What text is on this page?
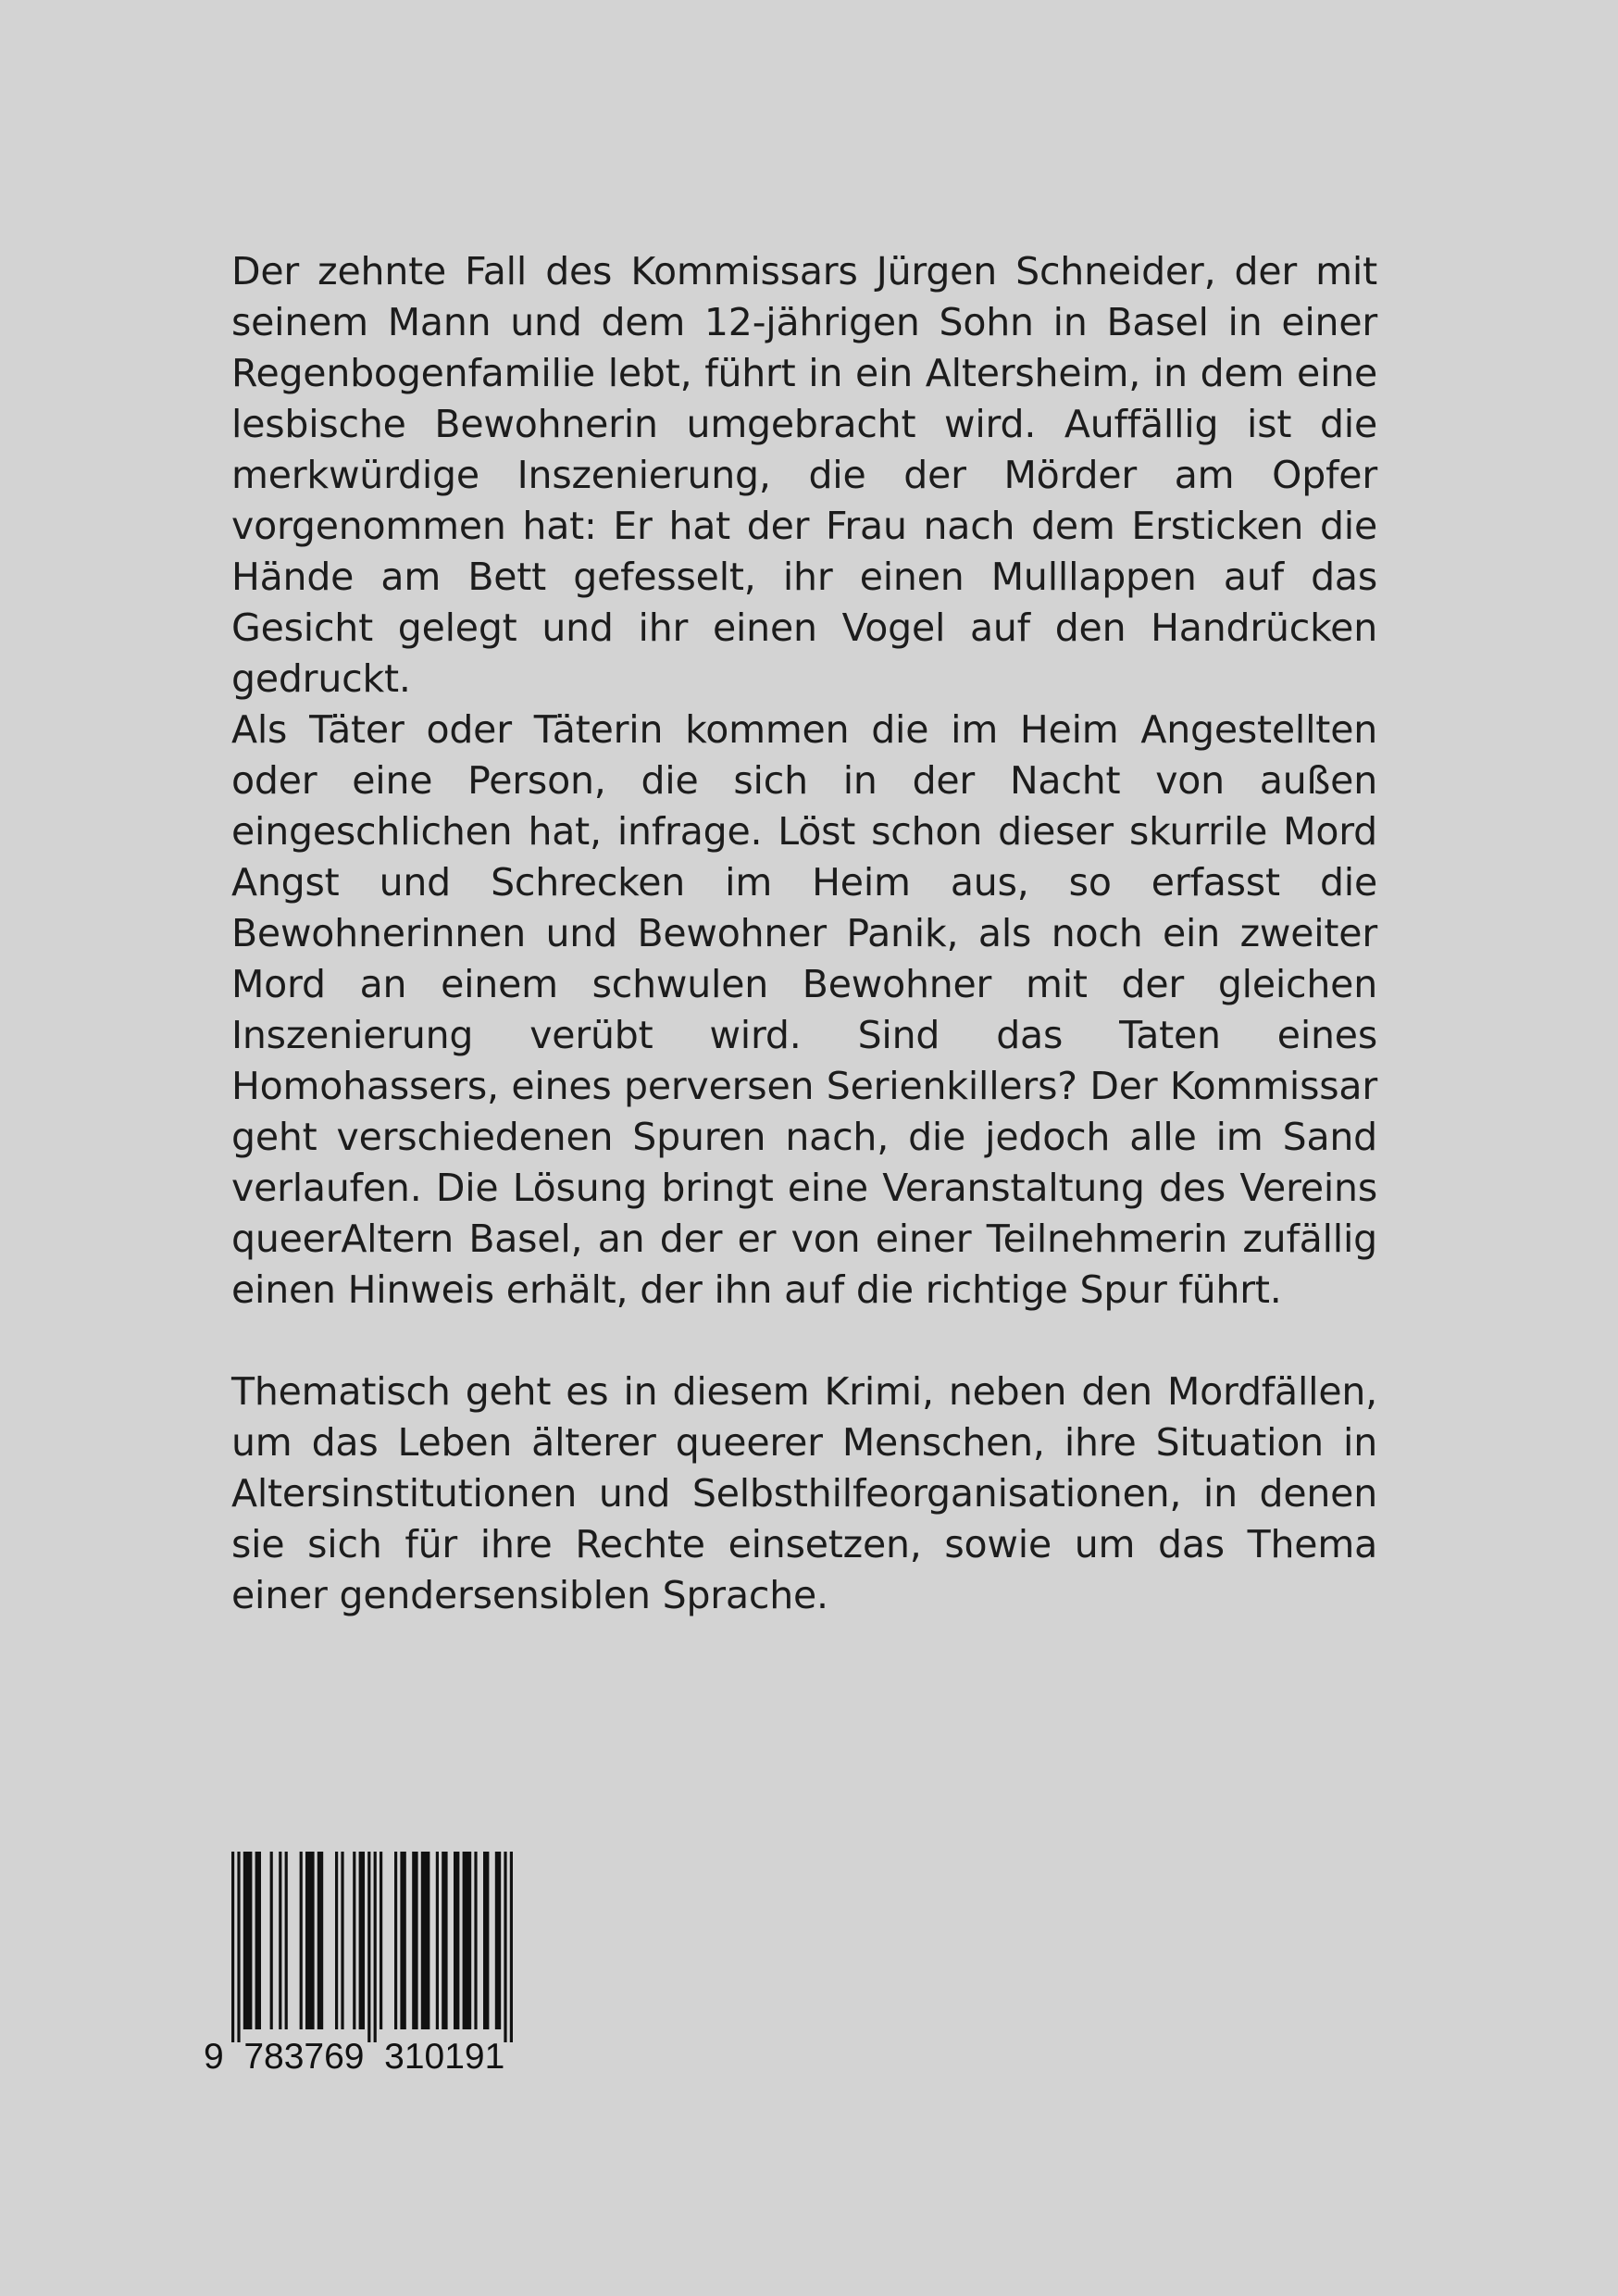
Der zehnte Fall des Kommissars Jürgen Schneider, der mit seinem Mann und dem 12-jährigen Sohn in Basel in einer Regenbogenfamilie lebt, führt in ein Altersheim, in dem eine lesbische Bewohnerin umgebracht wird. Auffällig ist die merkwürdige Inszenierung, die der Mörder am Opfer vorgenommen hat: Er hat der Frau nach dem Ersticken die Hände am Bett gefesselt, ihr einen Mulllappen auf das Gesicht gelegt und ihr einen Vogel auf den Handrücken gedruckt.

Als Täter oder Täterin kommen die im Heim Angestellten oder eine Person, die sich in der Nacht von außen eingeschlichen hat, infrage. Löst schon dieser skurrile Mord Angst und Schrecken im Heim aus, so erfasst die Bewohnerinnen und Bewohner Panik, als noch ein zweiter Mord an einem schwulen Bewohner mit der gleichen Inszenierung verübt wird. Sind das Taten eines Homohassers, eines perversen Serienkillers? Der Kommissar geht verschiedenen Spuren nach, die jedoch alle im Sand verlaufen. Die Lösung bringt eine Veranstaltung des Vereins queerAltern Basel, an der er von einer Teilnehmerin zufällig einen Hinweis erhält, der ihn auf die richtige Spur führt.

Thematisch geht es in diesem Krimi, neben den Mordfällen, um das Leben älterer queerer Menschen, ihre Situation in Altersinstitutionen und Selbsthilfeorganisationen, in denen sie sich für ihre Rechte einsetzen, sowie um das Thema einer gendersensiblen Sprache.

9  783769  310191
